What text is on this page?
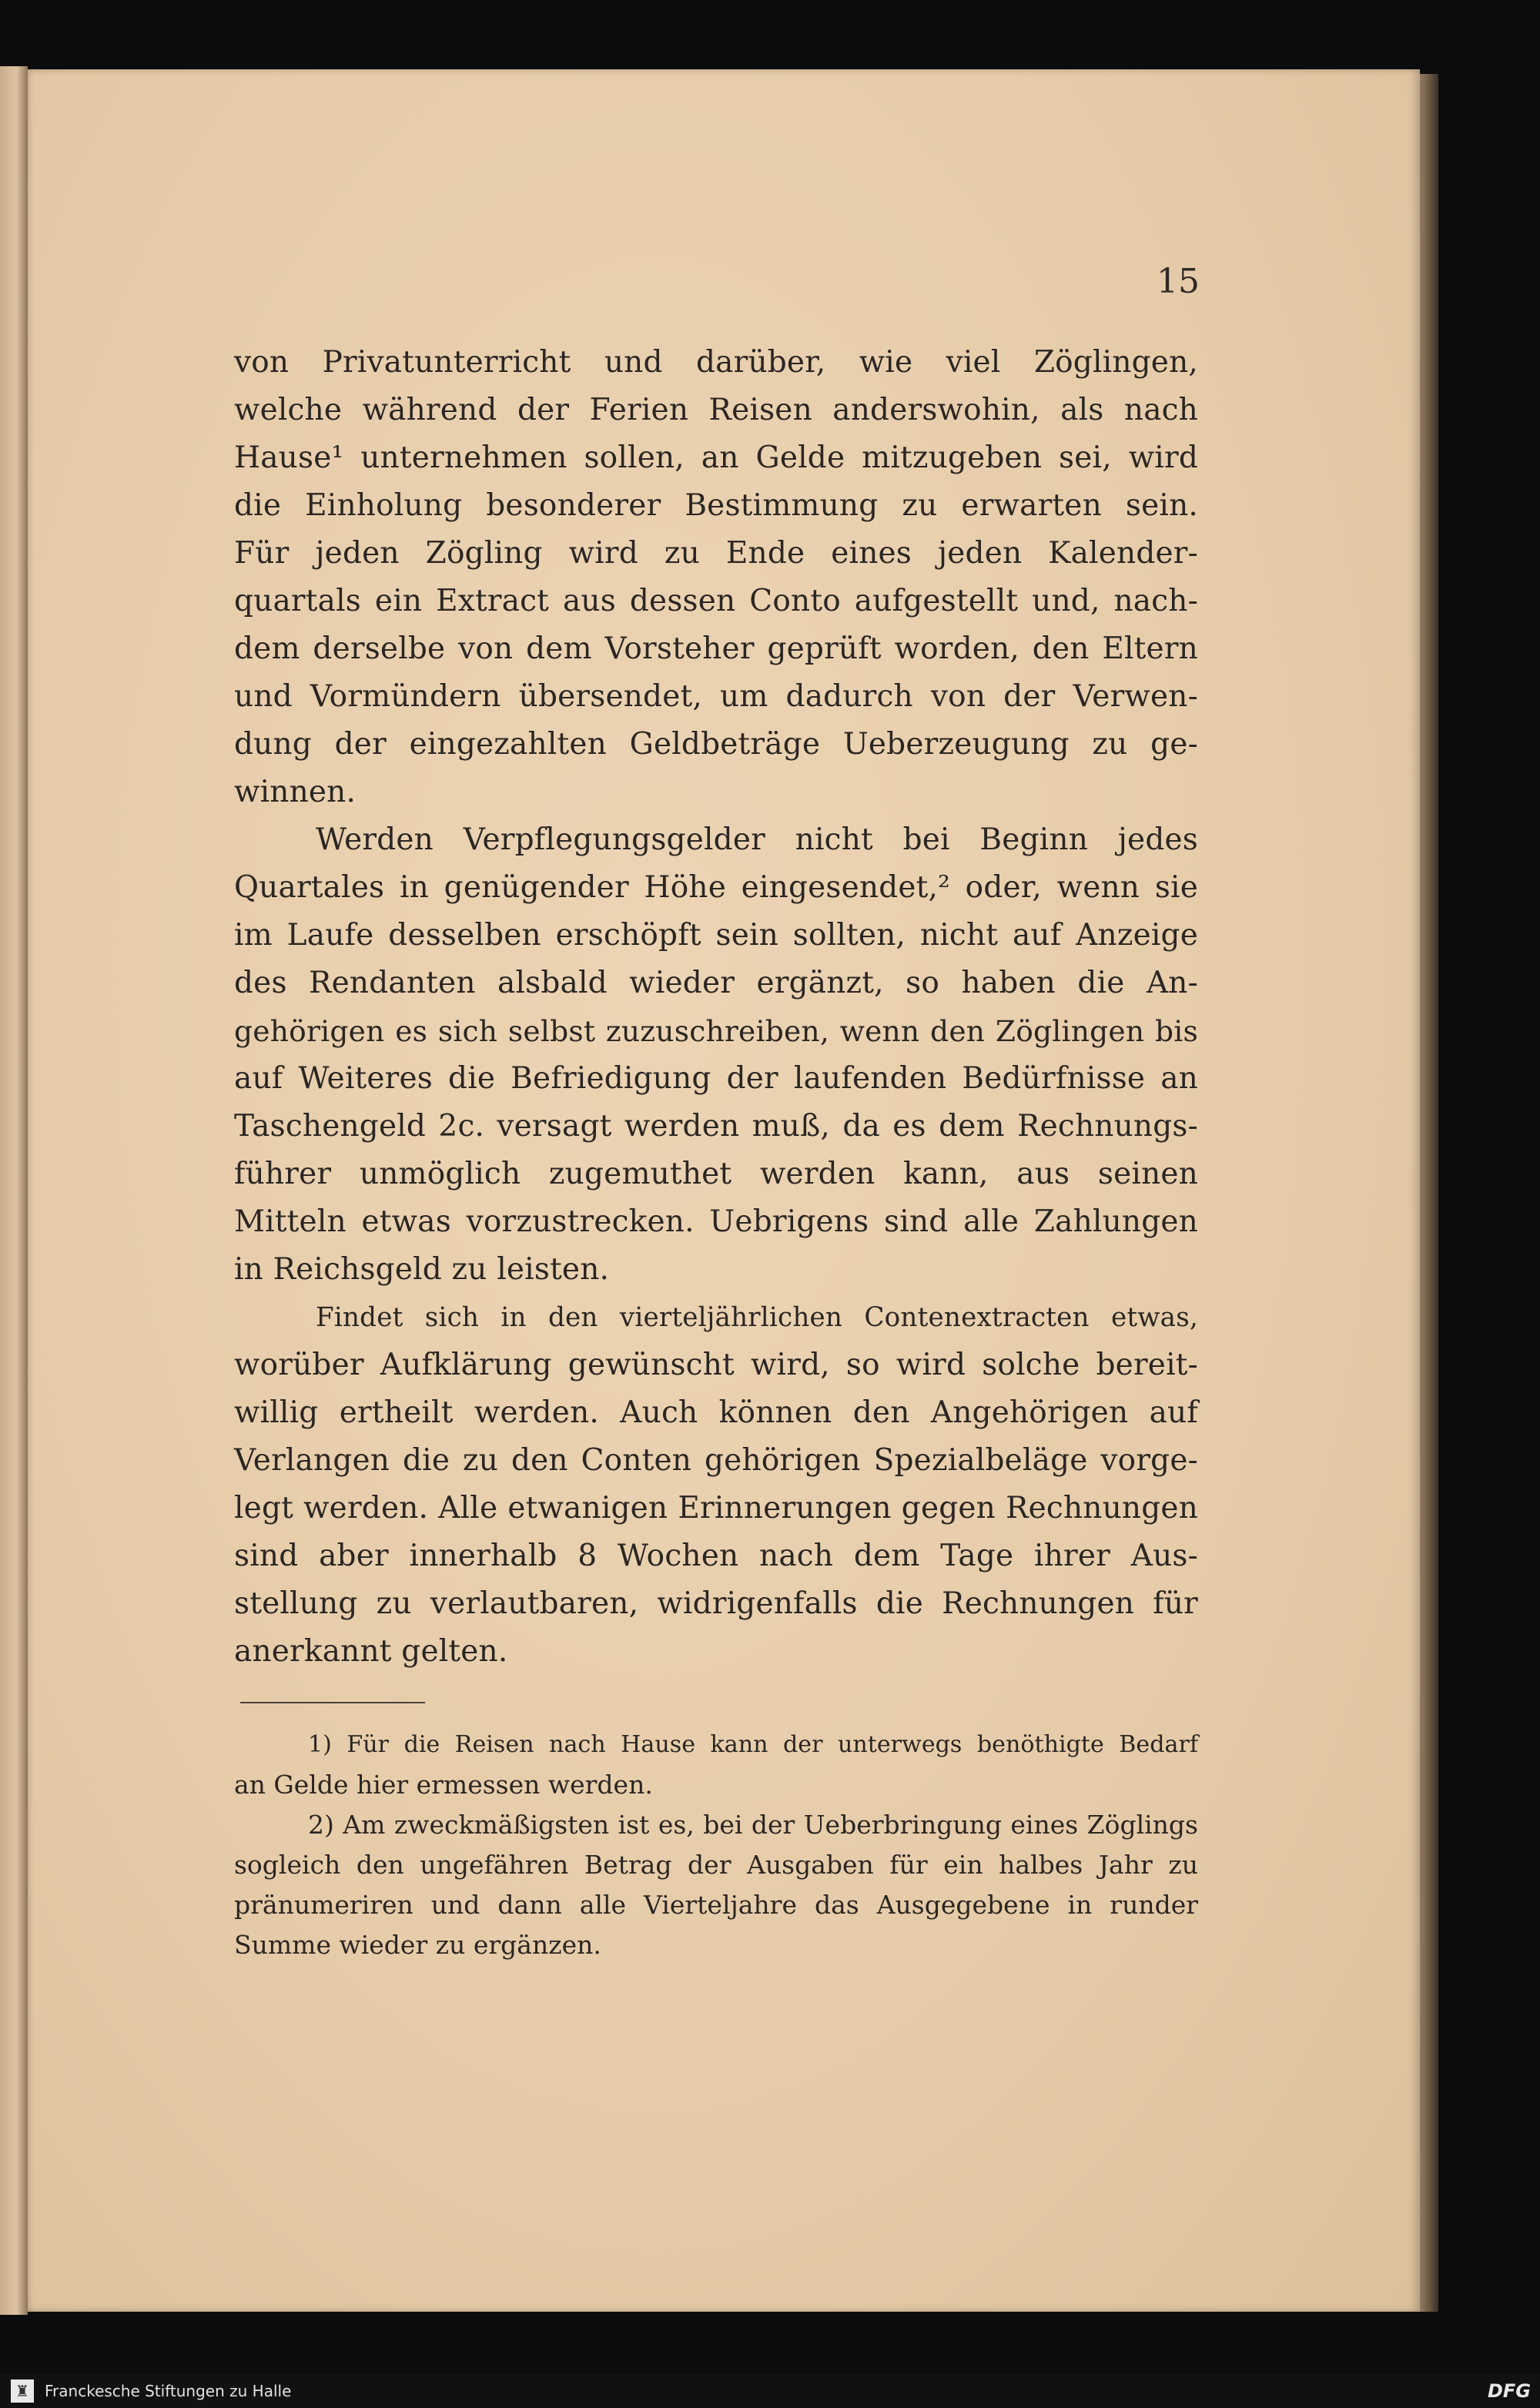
15
von Privatunterricht und darüber, wie viel Zöglingen,
welche während der Ferien Reisen anderswohin, als nach
Hause¹ unternehmen sollen, an Gelde mitzugeben sei, wird
die Einholung besonderer Bestimmung zu erwarten sein.
Für jeden Zögling wird zu Ende eines jeden Kalender-
quartals ein Extract aus dessen Conto aufgestellt und, nach-
dem derselbe von dem Vorsteher geprüft worden, den Eltern
und Vormündern übersendet, um dadurch von der Verwen-
dung der eingezahlten Geldbeträge Ueberzeugung zu ge-
winnen.
Werden Verpflegungsgelder nicht bei Beginn jedes
Quartales in genügender Höhe eingesendet,² oder, wenn sie
im Laufe desselben erschöpft sein sollten, nicht auf Anzeige
des Rendanten alsbald wieder ergänzt, so haben die An-
gehörigen es sich selbst zuzuschreiben, wenn den Zöglingen bis
auf Weiteres die Befriedigung der laufenden Bedürfnisse an
Taschengeld 2c. versagt werden muß, da es dem Rechnungs-
führer unmöglich zugemuthet werden kann, aus seinen
Mitteln etwas vorzustrecken. Uebrigens sind alle Zahlungen
in Reichsgeld zu leisten.
Findet sich in den vierteljährlichen Contenextracten etwas,
worüber Aufklärung gewünscht wird, so wird solche bereit-
willig ertheilt werden. Auch können den Angehörigen auf
Verlangen die zu den Conten gehörigen Spezialbeläge vorge-
legt werden. Alle etwanigen Erinnerungen gegen Rechnungen
sind aber innerhalb 8 Wochen nach dem Tage ihrer Aus-
stellung zu verlautbaren, widrigenfalls die Rechnungen für
anerkannt gelten.
1) Für die Reisen nach Hause kann der unterwegs benöthigte Bedarf
an Gelde hier ermessen werden.
2) Am zweckmäßigsten ist es, bei der Ueberbringung eines Zöglings
sogleich den ungefähren Betrag der Ausgaben für ein halbes Jahr zu
pränumeriren und dann alle Vierteljahre das Ausgegebene in runder
Summe wieder zu ergänzen.
♜	Franckesche Stiftungen zu Halle	DFG
